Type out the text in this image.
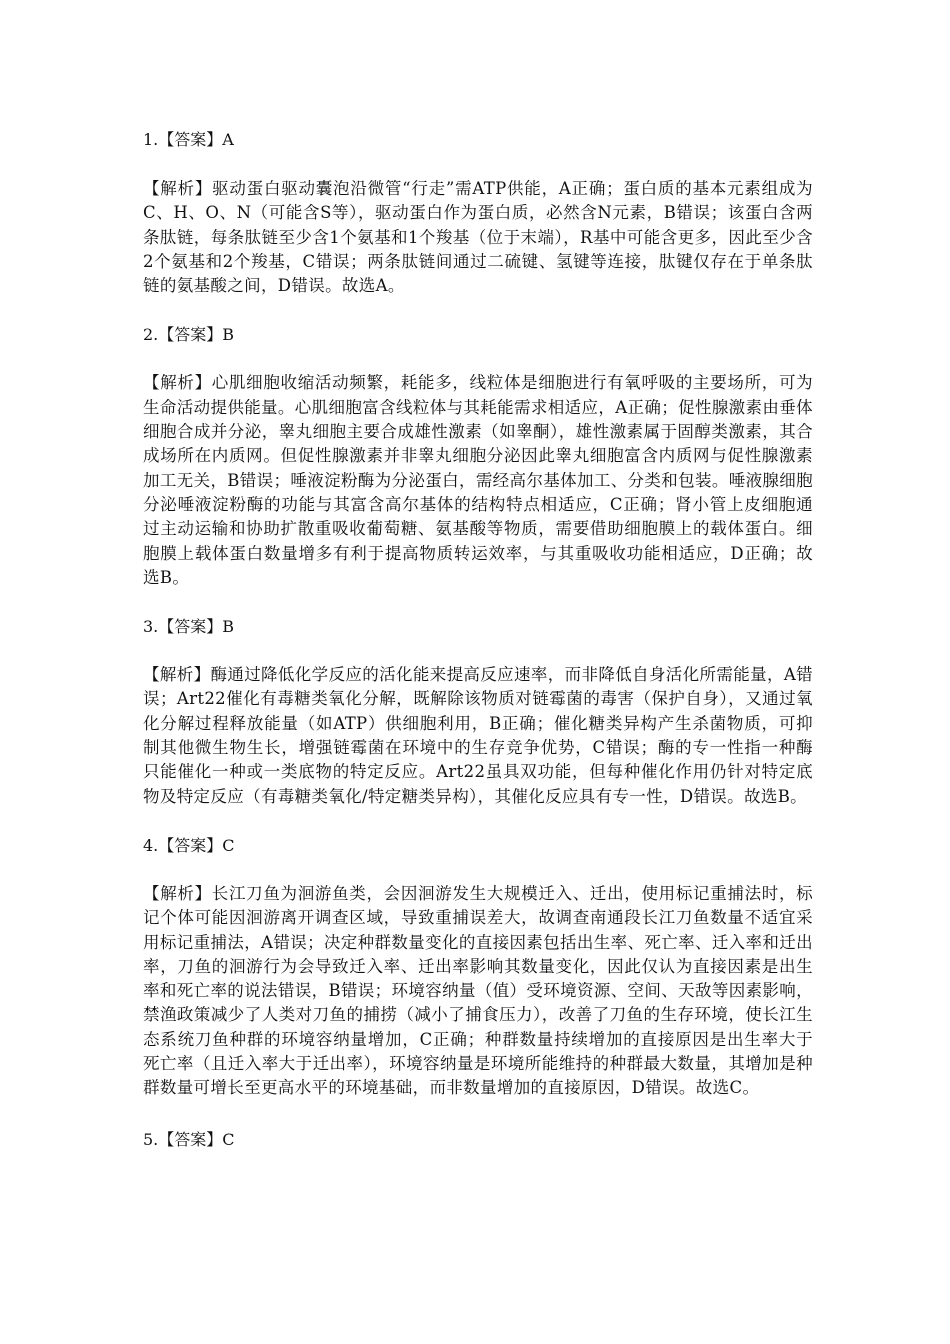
1.【答案】A
【解析】驱动蛋白驱动囊泡沿微管“行走”需ATP供能，A正确；蛋白质的基本元素组成为C、H、O、N（可能含S等），驱动蛋白作为蛋白质，必然含N元素，B错误；该蛋白含两条肽链，每条肽链至少含1个氨基和1个羧基（位于末端），R基中可能含更多，因此至少含2个氨基和2个羧基，C错误；两条肽链间通过二硫键、氢键等连接，肽键仅存在于单条肽链的氨基酸之间，D错误。故选A。
2.【答案】B
【解析】心肌细胞收缩活动频繁，耗能多，线粒体是细胞进行有氧呼吸的主要场所，可为生命活动提供能量。心肌细胞富含线粒体与其耗能需求相适应，A正确；促性腺激素由垂体细胞合成并分泌，睾丸细胞主要合成雄性激素（如睾酮），雄性激素属于固醇类激素，其合成场所在内质网。但促性腺激素并非睾丸细胞分泌因此睾丸细胞富含内质网与促性腺激素加工无关，B错误；唾液淀粉酶为分泌蛋白，需经高尔基体加工、分类和包装。唾液腺细胞分泌唾液淀粉酶的功能与其富含高尔基体的结构特点相适应，C正确；肾小管上皮细胞通过主动运输和协助扩散重吸收葡萄糖、氨基酸等物质，需要借助细胞膜上的载体蛋白。细胞膜上载体蛋白数量增多有利于提高物质转运效率，与其重吸收功能相适应，D正确；故选B。
3.【答案】B
【解析】酶通过降低化学反应的活化能来提高反应速率，而非降低自身活化所需能量，A错误；Art22催化有毒糖类氧化分解，既解除该物质对链霉菌的毒害（保护自身），又通过氧化分解过程释放能量（如ATP）供细胞利用，B正确；催化糖类异构产生杀菌物质，可抑制其他微生物生长，增强链霉菌在环境中的生存竞争优势，C错误；酶的专一性指一种酶只能催化一种或一类底物的特定反应。Art22虽具双功能，但每种催化作用仍针对特定底物及特定反应（有毒糖类氧化/特定糖类异构），其催化反应具有专一性，D错误。故选B。
4.【答案】C
【解析】长江刀鱼为洄游鱼类，会因洄游发生大规模迁入、迁出，使用标记重捕法时，标记个体可能因洄游离开调查区域，导致重捕误差大，故调查南通段长江刀鱼数量不适宜采用标记重捕法，A错误；决定种群数量变化的直接因素包括出生率、死亡率、迁入率和迁出率，刀鱼的洄游行为会导致迁入率、迁出率影响其数量变化，因此仅认为直接因素是出生率和死亡率的说法错误，B错误；环境容纳量（值）受环境资源、空间、天敌等因素影响，禁渔政策减少了人类对刀鱼的捕捞（减小了捕食压力），改善了刀鱼的生存环境，使长江生态系统刀鱼种群的环境容纳量增加，C正确；种群数量持续增加的直接原因是出生率大于死亡率（且迁入率大于迁出率），环境容纳量是环境所能维持的种群最大数量，其增加是种群数量可增长至更高水平的环境基础，而非数量增加的直接原因，D错误。故选C。
5.【答案】C
